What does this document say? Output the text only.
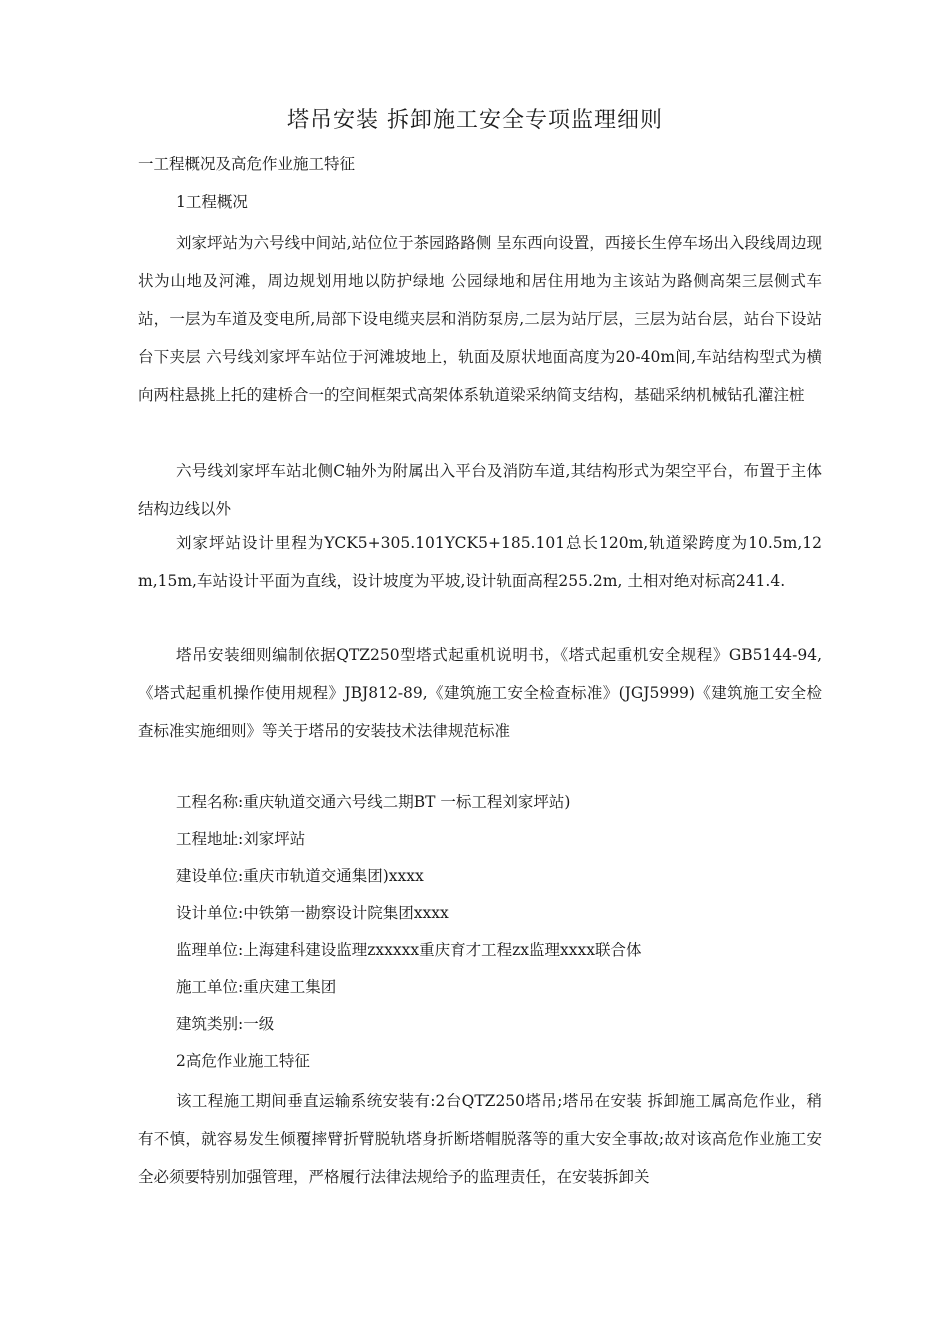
塔吊安装 拆卸施工安全专项监理细则
一工程概况及高危作业施工特征
1工程概况
刘家坪站为六号线中间站,站位位于茶园路路侧 呈东西向设置，西接长生停车场出入段线周边现状为山地及河滩，周边规划用地以防护绿地 公园绿地和居住用地为主该站为路侧高架三层侧式车站，一层为车道及变电所,局部下设电缆夹层和消防泵房,二层为站厅层，三层为站台层，站台下设站台下夹层 六号线刘家坪车站位于河滩坡地上，轨面及原状地面高度为20-40m间,车站结构型式为横向两柱悬挑上托的建桥合一的空间框架式高架体系轨道梁采纳简支结构，基础采纳机械钻孔灌注桩
六号线刘家坪车站北侧C轴外为附属出入平台及消防车道,其结构形式为架空平台，布置于主体结构边线以外
刘家坪站设计里程为YCK5+305.101YCK5+185.101总长120m,轨道梁跨度为10.5m,12m,15m,车站设计平面为直线，设计坡度为平坡,设计轨面高程255.2m, 土相对绝对标高241.4.
塔吊安装细则编制依据QTZ250型塔式起重机说明书，《塔式起重机安全规程》GB5144-94,《塔式起重机操作使用规程》JBJ812-89,《建筑施工安全检查标准》(JGJ5999)《建筑施工安全检查标准实施细则》等关于塔吊的安装技术法律规范标准
工程名称:重庆轨道交通六号线二期BT 一标工程刘家坪站)
工程地址:刘家坪站
建设单位:重庆市轨道交通集团)xxxx
设计单位:中铁第一勘察设计院集团xxxx
监理单位:上海建科建设监理zxxxxx重庆育才工程zx监理xxxx联合体
施工单位:重庆建工集团
建筑类别:一级
2高危作业施工特征
该工程施工期间垂直运输系统安装有:2台QTZ250塔吊;塔吊在安装 拆卸施工属高危作业，稍有不慎，就容易发生倾覆摔臂折臂脱轨塔身折断塔帽脱落等的重大安全事故;故对该高危作业施工安全必须要特别加强管理，严格履行法律法规给予的监理责任，在安装拆卸关
